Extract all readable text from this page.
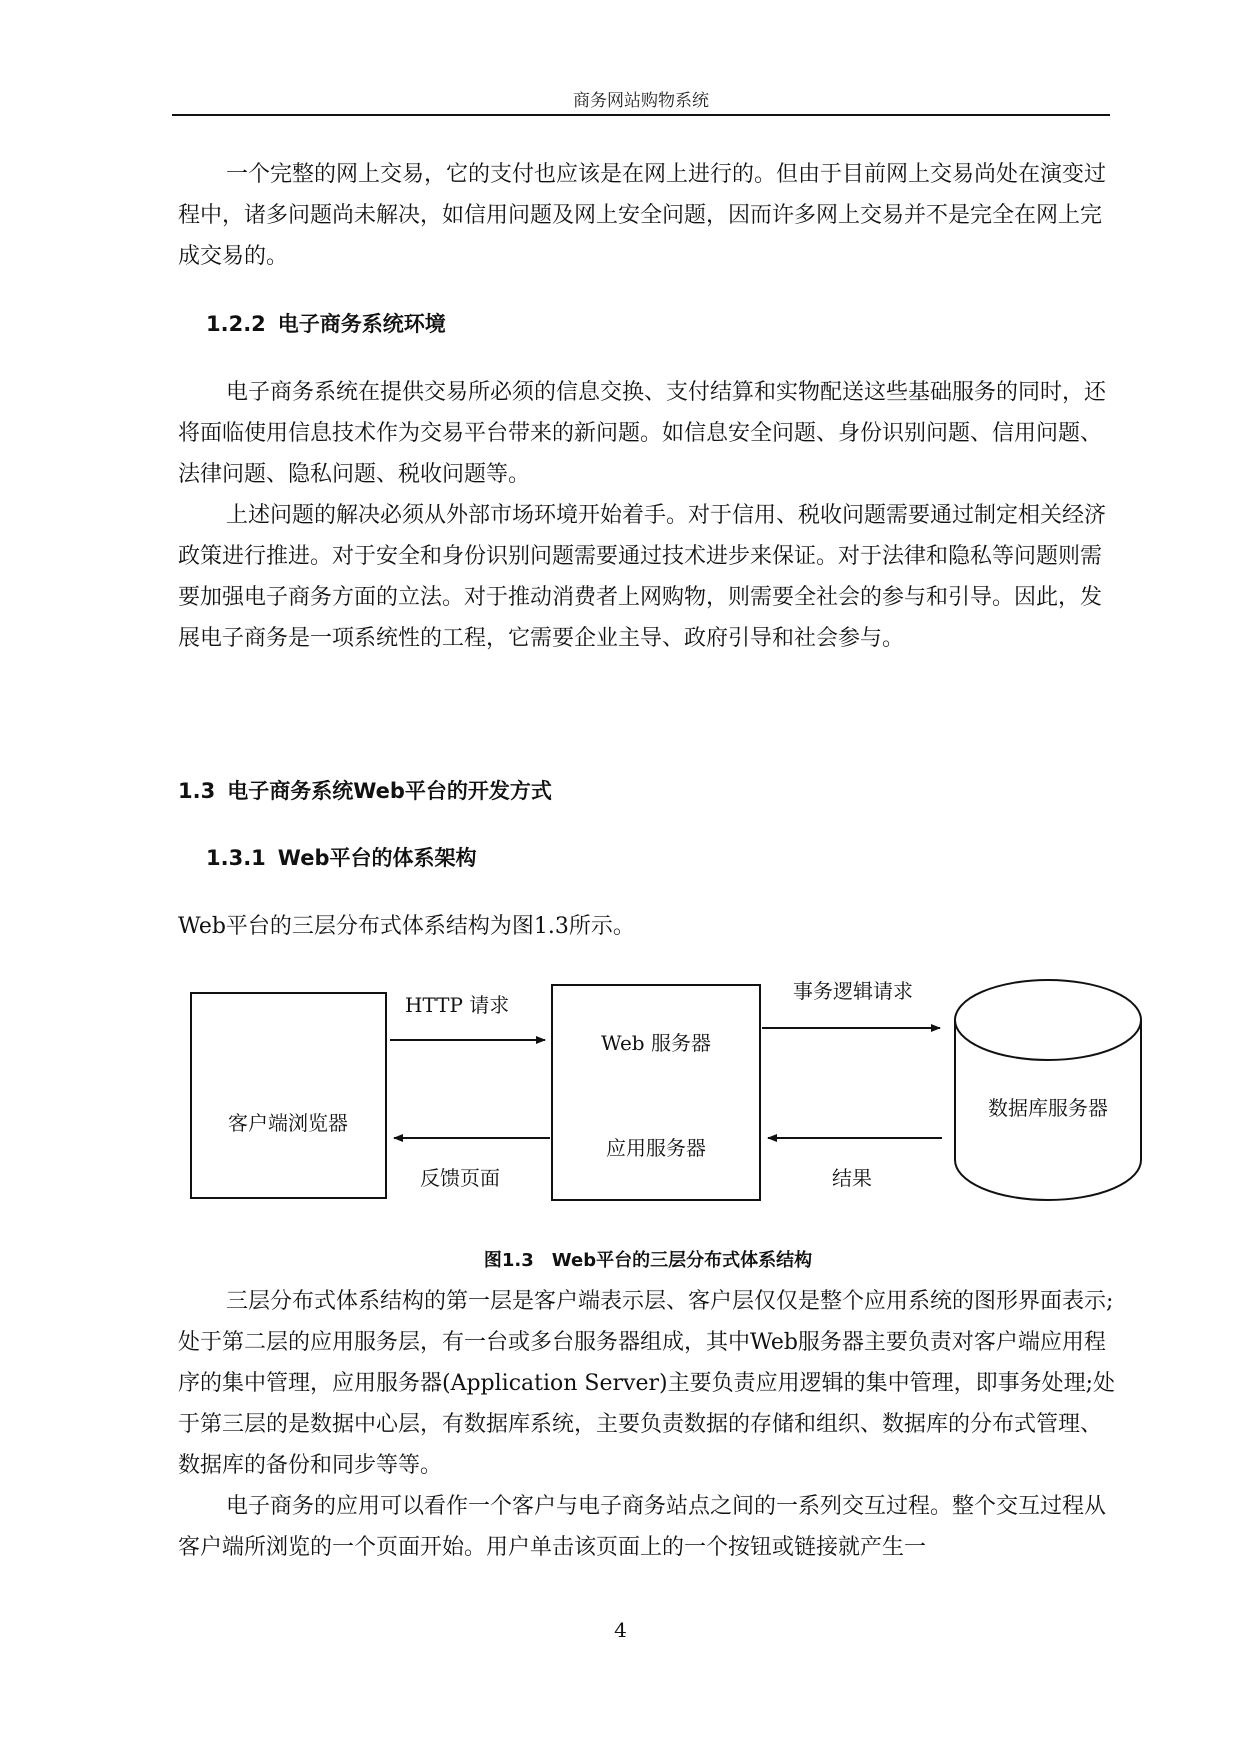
商务网站购物系统

一个完整的网上交易，它的支付也应该是在网上进行的。但由于目前网上交易尚处在演变过程中，诸多问题尚未解决，如信用问题及网上安全问题，因而许多网上交易并不是完全在网上完成交易的。

1.2.2 电子商务系统环境

电子商务系统在提供交易所必须的信息交换、支付结算和实物配送这些基础服务的同时，还将面临使用信息技术作为交易平台带来的新问题。如信息安全问题、身份识别问题、信用问题、法律问题、隐私问题、税收问题等。

上述问题的解决必须从外部市场环境开始着手。对于信用、税收问题需要通过制定相关经济政策进行推进。对于安全和身份识别问题需要通过技术进步来保证。对于法律和隐私等问题则需要加强电子商务方面的立法。对于推动消费者上网购物，则需要全社会的参与和引导。因此，发展电子商务是一项系统性的工程，它需要企业主导、政府引导和社会参与。

1.3 电子商务系统Web平台的开发方式
1.3.1 Web平台的体系架构

Web平台的三层分布式体系结构为图1.3所示。

客户端浏览器
Web 服务器
应用服务器
数据库服务器
HTTP 请求
反馈页面
事务逻辑请求
结果
图1.3 Web平台的三层分布式体系结构

三层分布式体系结构的第一层是客户端表示层、客户层仅仅是整个应用系统的图形界面表示;处于第二层的应用服务层，有一台或多台服务器组成，其中Web服务器主要负责对客户端应用程序的集中管理，应用服务器(Application Server)主要负责应用逻辑的集中管理，即事务处理;处于第三层的是数据中心层，有数据库系统，主要负责数据的存储和组织、数据库的分布式管理、数据库的备份和同步等等。

电子商务的应用可以看作一个客户与电子商务站点之间的一系列交互过程。整个交互过程从客户端所浏览的一个页面开始。用户单击该页面上的一个按钮或链接就产生一

4
